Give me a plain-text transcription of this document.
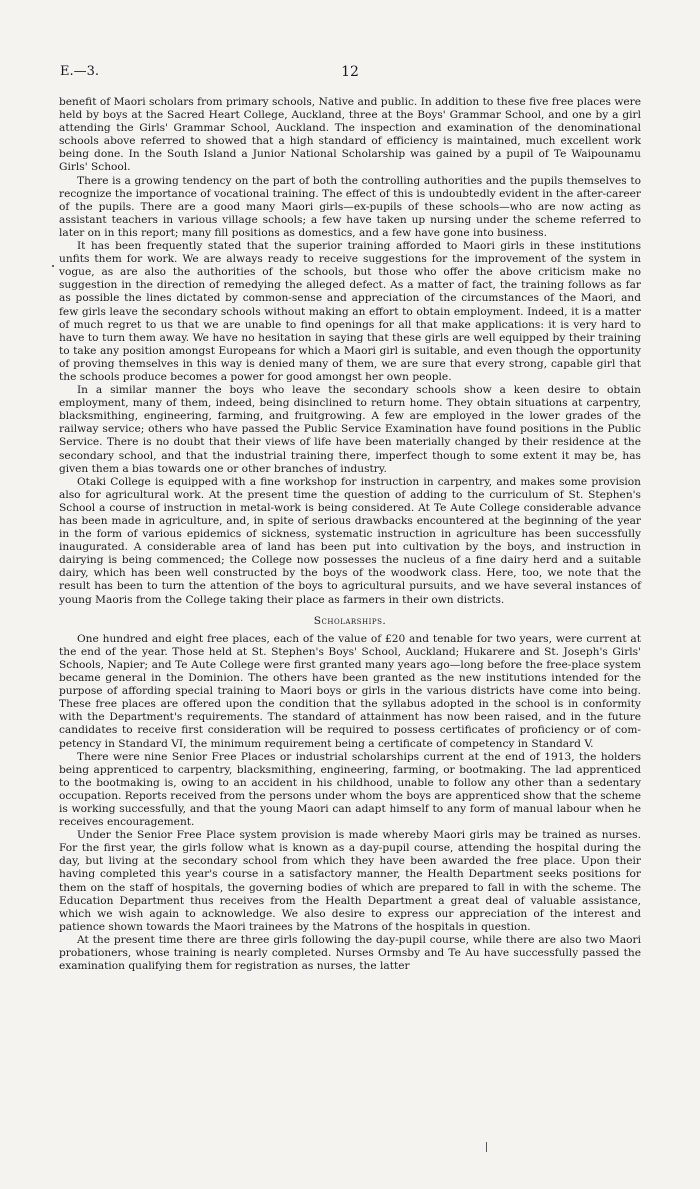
E.—3.	12

benefit of Maori scholars from primary schools, Native and public. In addition to these five free places were held by boys at the Sacred Heart College, Auckland, three at the Boys' Grammar School, and one by a girl attending the Girls' Grammar School, Auckland. The inspection and examination of the denominational schools above referred to showed that a high standard of efficiency is maintained, much excellent work being done. In the South Island a Junior National Scholarship was gained by a pupil of Te Waipounamu Girls' School.

There is a growing tendency on the part of both the controlling authorities and the pupils themselves to recognize the importance of vocational training. The effect of this is undoubtedly evident in the after-career of the pupils. There are a good many Maori girls—ex-pupils of these schools—who are now acting as assistant teachers in various village schools; a few have taken up nursing under the scheme referred to later on in this report; many fill positions as domestics, and a few have gone into business.

It has been frequently stated that the superior training afforded to Maori girls in these institutions unfits them for work. We are always ready to receive suggestions for the improvement of the system in vogue, as are also the authorities of the schools, but those who offer the above criticism make no suggestion in the direction of remedying the alleged defect. As a matter of fact, the training follows as far as possible the lines dictated by common-sense and appreciation of the circumstances of the Maori, and few girls leave the secondary schools without making an effort to obtain employment. Indeed, it is a matter of much regret to us that we are unable to find openings for all that make applications: it is very hard to have to turn them away. We have no hesitation in saying that these girls are well equipped by their training to take any position amongst Europeans for which a Maori girl is suitable, and even though the opportunity of proving themselves in this way is denied many of them, we are sure that every strong, capable girl that the schools produce becomes a power for good amongst her own people.

In a similar manner the boys who leave the secondary schools show a keen desire to obtain employment, many of them, indeed, being disinclined to return home. They obtain situations at carpentry, blacksmithing, engineering, farming, and fruitgrowing. A few are employed in the lower grades of the railway service; others who have passed the Public Service Examination have found positions in the Public Service. There is no doubt that their views of life have been materially changed by their residence at the secondary school, and that the industrial training there, imperfect though to some extent it may be, has given them a bias towards one or other branches of industry.

Otaki College is equipped with a fine workshop for instruction in carpentry, and makes some provision also for agricultural work. At the present time the question of adding to the curriculum of St. Stephen's School a course of instruction in metal-work is being considered. At Te Aute College considerable advance has been made in agriculture, and, in spite of serious drawbacks encountered at the beginning of the year in the form of various epidemics of sickness, systematic instruction in agriculture has been successfully inaugurated. A considerable area of land has been put into cultivation by the boys, and instruction in dairying is being commenced; the College now possesses the nucleus of a fine dairy herd and a suitable dairy, which has been well constructed by the boys of the woodwork class. Here, too, we note that the result has been to turn the attention of the boys to agricultural pursuits, and we have several instances of young Maoris from the College taking their place as farmers in their own districts.

Scholarships.

One hundred and eight free places, each of the value of £20 and tenable for two years, were current at the end of the year. Those held at St. Stephen's Boys' School, Auckland; Hukarere and St. Joseph's Girls' Schools, Napier; and Te Aute College were first granted many years ago—long before the free-place system became general in the Dominion. The others have been granted as the new institutions intended for the purpose of affording special training to Maori boys or girls in the various districts have come into being. These free places are offered upon the condition that the syllabus adopted in the school is in conformity with the Department's requirements. The standard of attainment has now been raised, and in the future candidates to receive first consideration will be required to possess certificates of proficiency or of competency in Standard VI, the minimum requirement being a certificate of competency in Standard V.

There were nine Senior Free Places or industrial scholarships current at the end of 1913, the holders being apprenticed to carpentry, blacksmithing, engineering, farming, or bootmaking. The lad apprenticed to the bootmaking is, owing to an accident in his childhood, unable to follow any other than a sedentary occupation. Reports received from the persons under whom the boys are apprenticed show that the scheme is working successfully, and that the young Maori can adapt himself to any form of manual labour when he receives encouragement.

Under the Senior Free Place system provision is made whereby Maori girls may be trained as nurses. For the first year, the girls follow what is known as a day-pupil course, attending the hospital during the day, but living at the secondary school from which they have been awarded the free place. Upon their having completed this year's course in a satisfactory manner, the Health Department seeks positions for them on the staff of hospitals, the governing bodies of which are prepared to fall in with the scheme. The Education Department thus receives from the Health Department a great deal of valuable assistance, which we wish again to acknowledge. We also desire to express our appreciation of the interest and patience shown towards the Maori trainees by the Matrons of the hospitals in question.

At the present time there are three girls following the day-pupil course, while there are also two Maori probationers, whose training is nearly completed. Nurses Ormsby and Te Au have successfully passed the examination qualifying them for registration as nurses, the latter
